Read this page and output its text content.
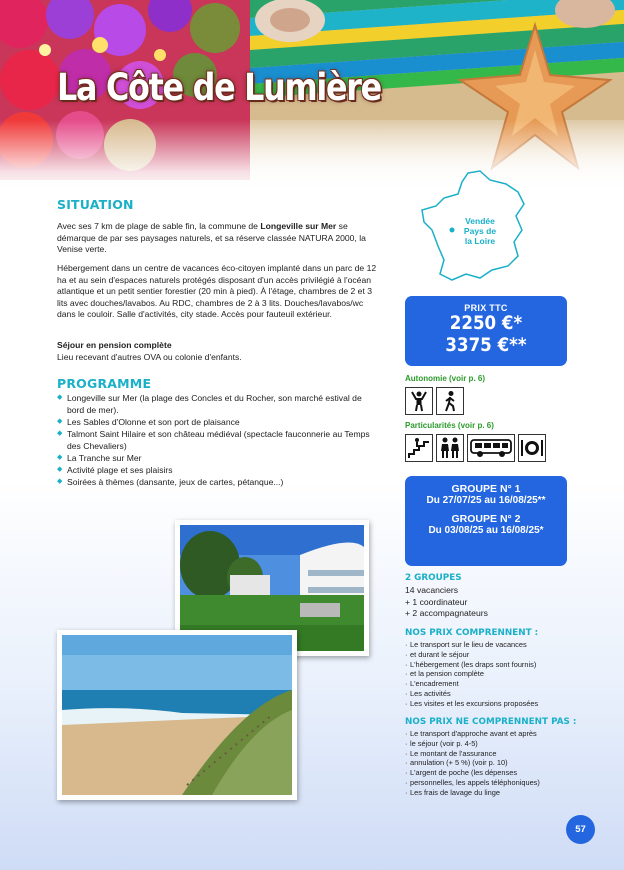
La Côte de Lumière
SITUATION

Avec ses 7 km de plage de sable fin, la commune de Longeville sur Mer se démarque de par ses paysages naturels, et sa réserve classée NATURA 2000, la Venise verte.

Hébergement dans un centre de vacances éco-citoyen implanté dans un parc de 12 ha et au sein d'espaces naturels protégés disposant d'un accès privilégié à l'océan atlantique et un petit sentier forestier (20 min à pied). À l'étage, chambres de 2 et 3 lits avec douches/lavabos. Au RDC, chambres de 2 à 3 lits. Douches/lavabos/wc dans le couloir. Salle d'activités, city stade. Accès pour fauteuil extérieur.

Séjour en pension complète
Lieu recevant d'autres OVA ou colonie d'enfants.

PROGRAMME
◆ Longeville sur Mer (la plage des Concles et du Rocher, son marché estival de bord de mer).
◆ Les Sables d'Olonne et son port de plaisance
◆ Talmont Saint Hilaire et son château médiéval (spectacle fauconnerie au Temps des Chevaliers)
◆ La Tranche sur Mer
◆ Activité plage et ses plaisirs
◆ Soirées à thèmes (dansante, jeux de cartes, pétanque...)
Vendée
Pays de
la Loire
PRIX TTC
2250 €*
3375 €**
Autonomie (voir p. 6)
Particularités (voir p. 6)
GROUPE N° 1
Du 27/07/25 au 16/08/25**
GROUPE N° 2
Du 03/08/25 au 16/08/25*
2 GROUPES
14 vacanciers
+ 1 coordinateur
+ 2 accompagnateurs
NOS PRIX COMPRENNENT :
· Le transport sur le lieu de vacances
· et durant le séjour
· L'hébergement (les draps sont fournis)
· et la pension complète
· L'encadrement
· Les activités
· Les visites et les excursions proposées
NOS PRIX NE COMPRENNENT PAS :
· Le transport d'approche avant et après
· le séjour (voir p. 4-5)
· Le montant de l'assurance
· annulation (+ 5 %) (voir p. 10)
· L'argent de poche (les dépenses
· personnelles, les appels téléphoniques)
· Les frais de lavage du linge
57
